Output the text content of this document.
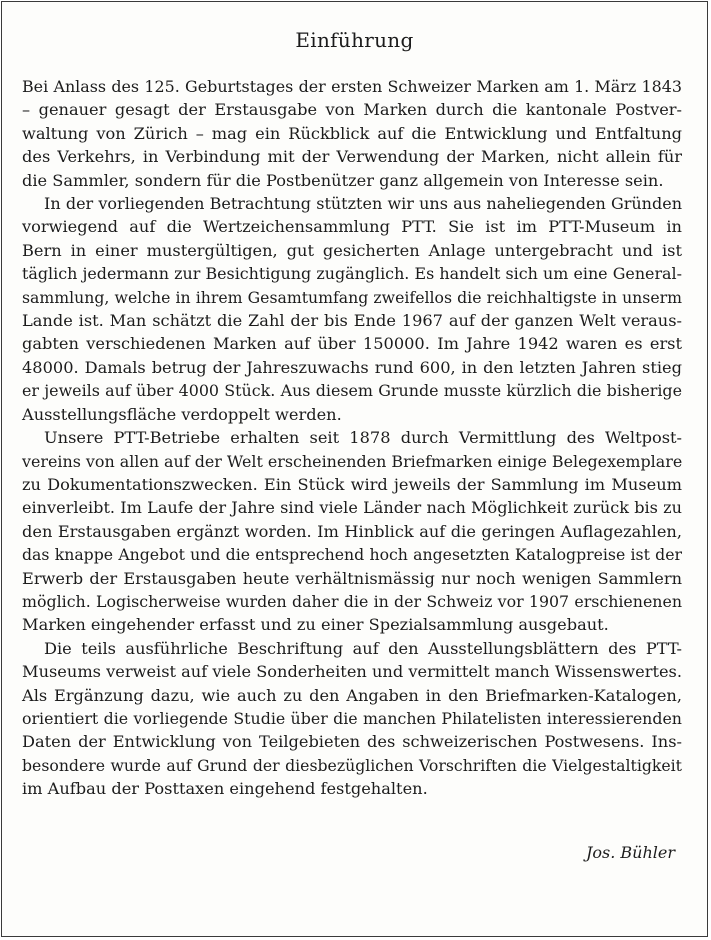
Einführung

Bei Anlass des 125. Geburtstages der ersten Schweizer Marken am 1. März 1843
– genauer gesagt der Erstausgabe von Marken durch die kantonale Postver-
waltung von Zürich – mag ein Rückblick auf die Entwicklung und Entfaltung
des Verkehrs, in Verbindung mit der Verwendung der Marken, nicht allein für
die Sammler, sondern für die Postbenützer ganz allgemein von Interesse sein.

In der vorliegenden Betrachtung stützten wir uns aus naheliegenden Gründen
vorwiegend auf die Wertzeichensammlung PTT. Sie ist im PTT-Museum in
Bern in einer mustergültigen, gut gesicherten Anlage untergebracht und ist
täglich jedermann zur Besichtigung zugänglich. Es handelt sich um eine General-
sammlung, welche in ihrem Gesamtumfang zweifellos die reichhaltigste in unserm
Lande ist. Man schätzt die Zahl der bis Ende 1967 auf der ganzen Welt veraus-
gabten verschiedenen Marken auf über 150000. Im Jahre 1942 waren es erst
48000. Damals betrug der Jahreszuwachs rund 600, in den letzten Jahren stieg
er jeweils auf über 4000 Stück. Aus diesem Grunde musste kürzlich die bisherige
Ausstellungsfläche verdoppelt werden.

Unsere PTT-Betriebe erhalten seit 1878 durch Vermittlung des Weltpost-
vereins von allen auf der Welt erscheinenden Briefmarken einige Belegexemplare
zu Dokumentationszwecken. Ein Stück wird jeweils der Sammlung im Museum
einverleibt. Im Laufe der Jahre sind viele Länder nach Möglichkeit zurück bis zu
den Erstausgaben ergänzt worden. Im Hinblick auf die geringen Auflagezahlen,
das knappe Angebot und die entsprechend hoch angesetzten Katalogpreise ist der
Erwerb der Erstausgaben heute verhältnismässig nur noch wenigen Sammlern
möglich. Logischerweise wurden daher die in der Schweiz vor 1907 erschienenen
Marken eingehender erfasst und zu einer Spezialsammlung ausgebaut.

Die teils ausführliche Beschriftung auf den Ausstellungsblättern des PTT-
Museums verweist auf viele Sonderheiten und vermittelt manch Wissenswertes.
Als Ergänzung dazu, wie auch zu den Angaben in den Briefmarken-Katalogen,
orientiert die vorliegende Studie über die manchen Philatelisten interessierenden
Daten der Entwicklung von Teilgebieten des schweizerischen Postwesens. Ins-
besondere wurde auf Grund der diesbezüglichen Vorschriften die Vielgestaltigkeit
im Aufbau der Posttaxen eingehend festgehalten.

Jos. Bühler
